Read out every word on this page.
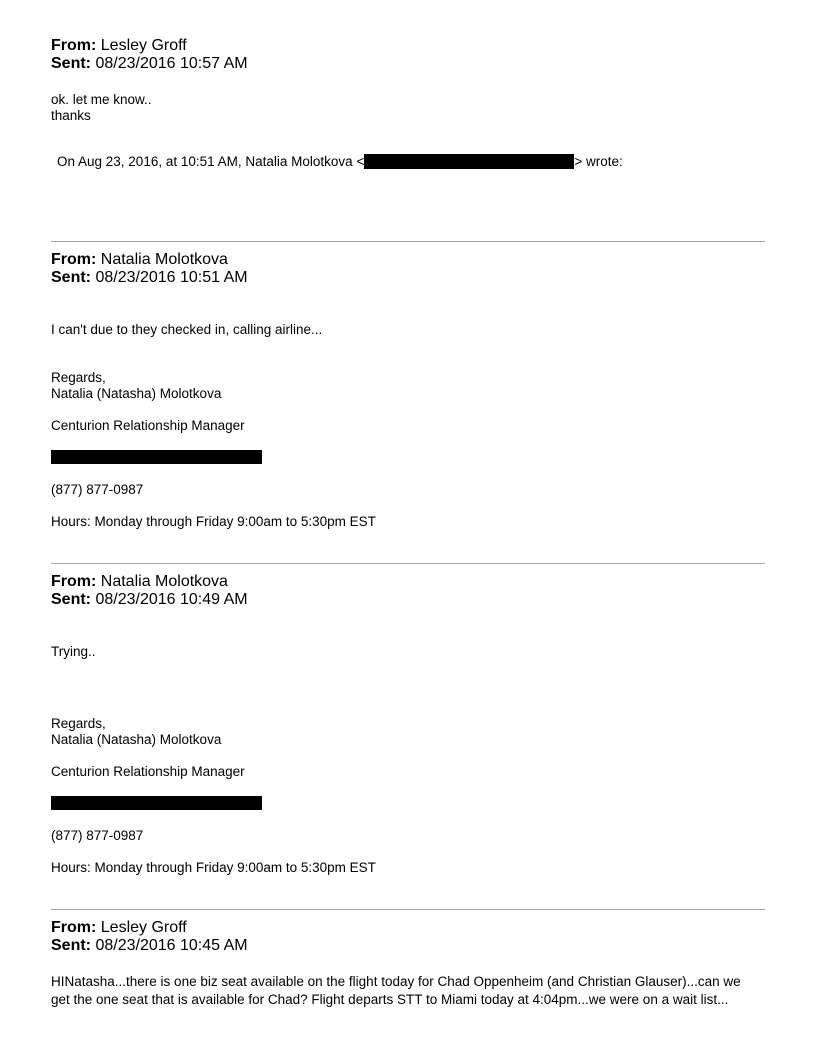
From: Lesley Groff
Sent: 08/23/2016 10:57 AM
ok. let me know..
thanks
On Aug 23, 2016, at 10:51 AM, Natalia Molotkova <	> wrote:
From: Natalia Molotkova
Sent: 08/23/2016 10:51 AM
I can't due to they checked in, calling airline...
Regards,
Natalia (Natasha) Molotkova
Centurion Relationship Manager
(877) 877-0987
Hours: Monday through Friday 9:00am to 5:30pm EST
From: Natalia Molotkova
Sent: 08/23/2016 10:49 AM
Trying..
Regards,
Natalia (Natasha) Molotkova
Centurion Relationship Manager
(877) 877-0987
Hours: Monday through Friday 9:00am to 5:30pm EST
From: Lesley Groff
Sent: 08/23/2016 10:45 AM
HINatasha...there is one biz seat available on the flight today for Chad Oppenheim (and Christian Glauser)...can we
get the one seat that is available for Chad? Flight departs STT to Miami today at 4:04pm...we were on a wait list...
